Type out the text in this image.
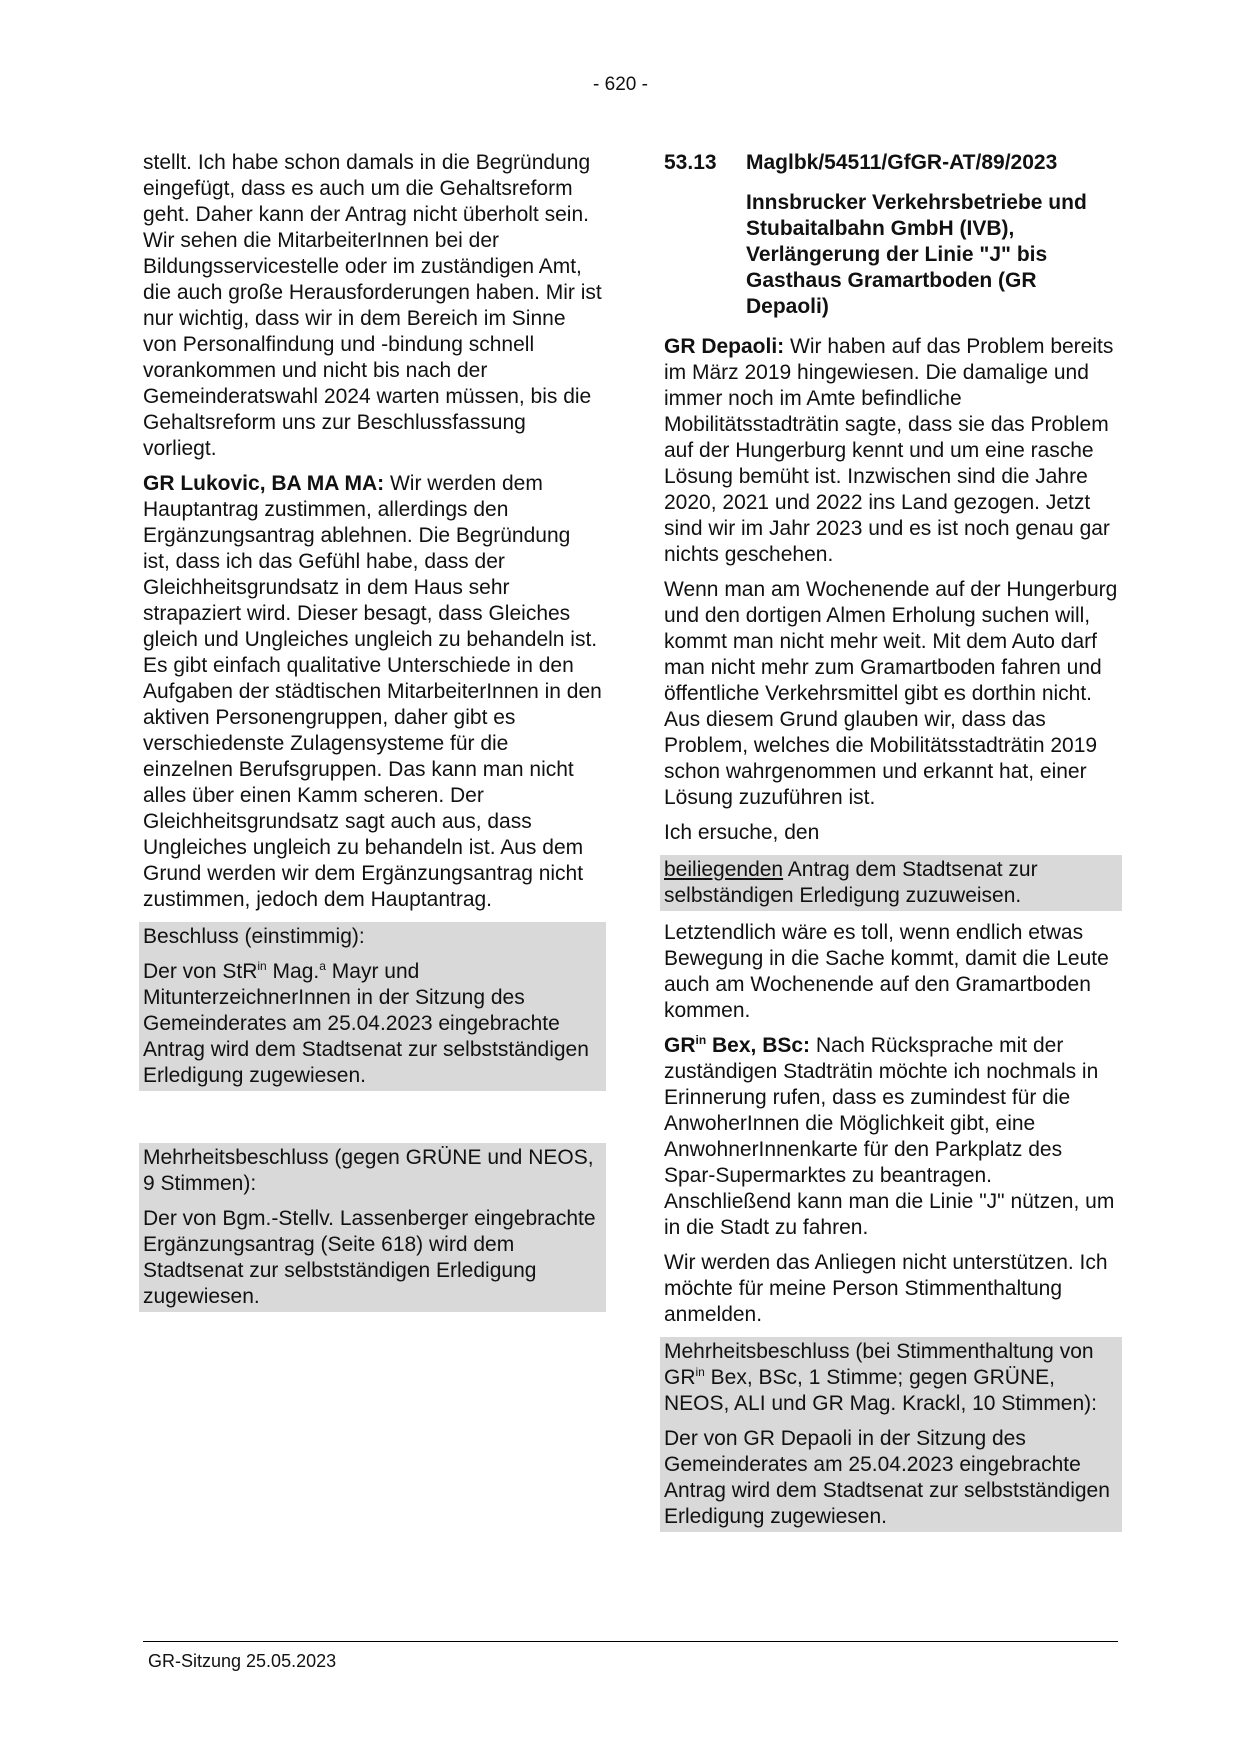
- 620 -

stellt. Ich habe schon damals in die Begründung eingefügt, dass es auch um die Gehaltsreform geht. Daher kann der Antrag nicht überholt sein. Wir sehen die MitarbeiterInnen bei der Bildungsservicestelle oder im zuständigen Amt, die auch große Herausforderungen haben. Mir ist nur wichtig, dass wir in dem Bereich im Sinne von Personalfindung und -bindung schnell vorankommen und nicht bis nach der Gemeinderatswahl 2024 warten müssen, bis die Gehaltsreform uns zur Beschlussfassung vorliegt.

GR Lukovic, BA MA MA: Wir werden dem Hauptantrag zustimmen, allerdings den Ergänzungsantrag ablehnen. Die Begründung ist, dass ich das Gefühl habe, dass der Gleichheitsgrundsatz in dem Haus sehr strapaziert wird. Dieser besagt, dass Gleiches gleich und Ungleiches ungleich zu behandeln ist. Es gibt einfach qualitative Unterschiede in den Aufgaben der städtischen MitarbeiterInnen in den aktiven Personengruppen, daher gibt es verschiedenste Zulagensysteme für die einzelnen Berufsgruppen. Das kann man nicht alles über einen Kamm scheren. Der Gleichheitsgrundsatz sagt auch aus, dass Ungleiches ungleich zu behandeln ist. Aus dem Grund werden wir dem Ergänzungsantrag nicht zustimmen, jedoch dem Hauptantrag.

Beschluss (einstimmig):

Der von StR$^{in}$ Mag.$^a$ Mayr und MitunterzeichnerInnen in der Sitzung des Gemeinderates am 25.04.2023 eingebrachte Antrag wird dem Stadtsenat zur selbstständigen Erledigung zugewiesen.

Mehrheitsbeschluss (gegen GRÜNE und NEOS, 9 Stimmen):

Der von Bgm.-Stellv. Lassenberger eingebrachte Ergänzungsantrag (Seite 618) wird dem Stadtsenat zur selbstständigen Erledigung zugewiesen.

53.13	Maglbk/54511/GfGR-AT/89/2023
Innsbrucker Verkehrsbetriebe und Stubaitalbahn GmbH (IVB), Verlängerung der Linie "J" bis Gasthaus Gramartboden (GR Depaoli)

GR Depaoli: Wir haben auf das Problem bereits im März 2019 hingewiesen. Die damalige und immer noch im Amte befindliche Mobilitätsstadträtin sagte, dass sie das Problem auf der Hungerburg kennt und um eine rasche Lösung bemüht ist. Inzwischen sind die Jahre 2020, 2021 und 2022 ins Land gezogen. Jetzt sind wir im Jahr 2023 und es ist noch genau gar nichts geschehen.

Wenn man am Wochenende auf der Hungerburg und den dortigen Almen Erholung suchen will, kommt man nicht mehr weit. Mit dem Auto darf man nicht mehr zum Gramartboden fahren und öffentliche Verkehrsmittel gibt es dorthin nicht. Aus diesem Grund glauben wir, dass das Problem, welches die Mobilitätsstadträtin 2019 schon wahrgenommen und erkannt hat, einer Lösung zuzuführen ist.

Ich ersuche, den

beiliegenden Antrag dem Stadtsenat zur selbständigen Erledigung zuzuweisen.

Letztendlich wäre es toll, wenn endlich etwas Bewegung in die Sache kommt, damit die Leute auch am Wochenende auf den Gramartboden kommen.

$GR^{in}$ Bex, BSc: Nach Rücksprache mit der zuständigen Stadträtin möchte ich nochmals in Erinnerung rufen, dass es zumindest für die AnwoherInnen die Möglichkeit gibt, eine AnwohnerInnenkarte für den Parkplatz des Spar-Supermarktes zu beantragen. Anschließend kann man die Linie "J" nützen, um in die Stadt zu fahren.

Wir werden das Anliegen nicht unterstützen. Ich möchte für meine Person Stimmenthaltung anmelden.

Mehrheitsbeschluss (bei Stimmenthaltung von $GR^{in}$ Bex, BSc, 1 Stimme; gegen GRÜNE, NEOS, ALI und GR Mag. Krackl, 10 Stimmen):

Der von GR Depaoli in der Sitzung des Gemeinderates am 25.04.2023 eingebrachte Antrag wird dem Stadtsenat zur selbstständigen Erledigung zugewiesen.

GR-Sitzung 25.05.2023
